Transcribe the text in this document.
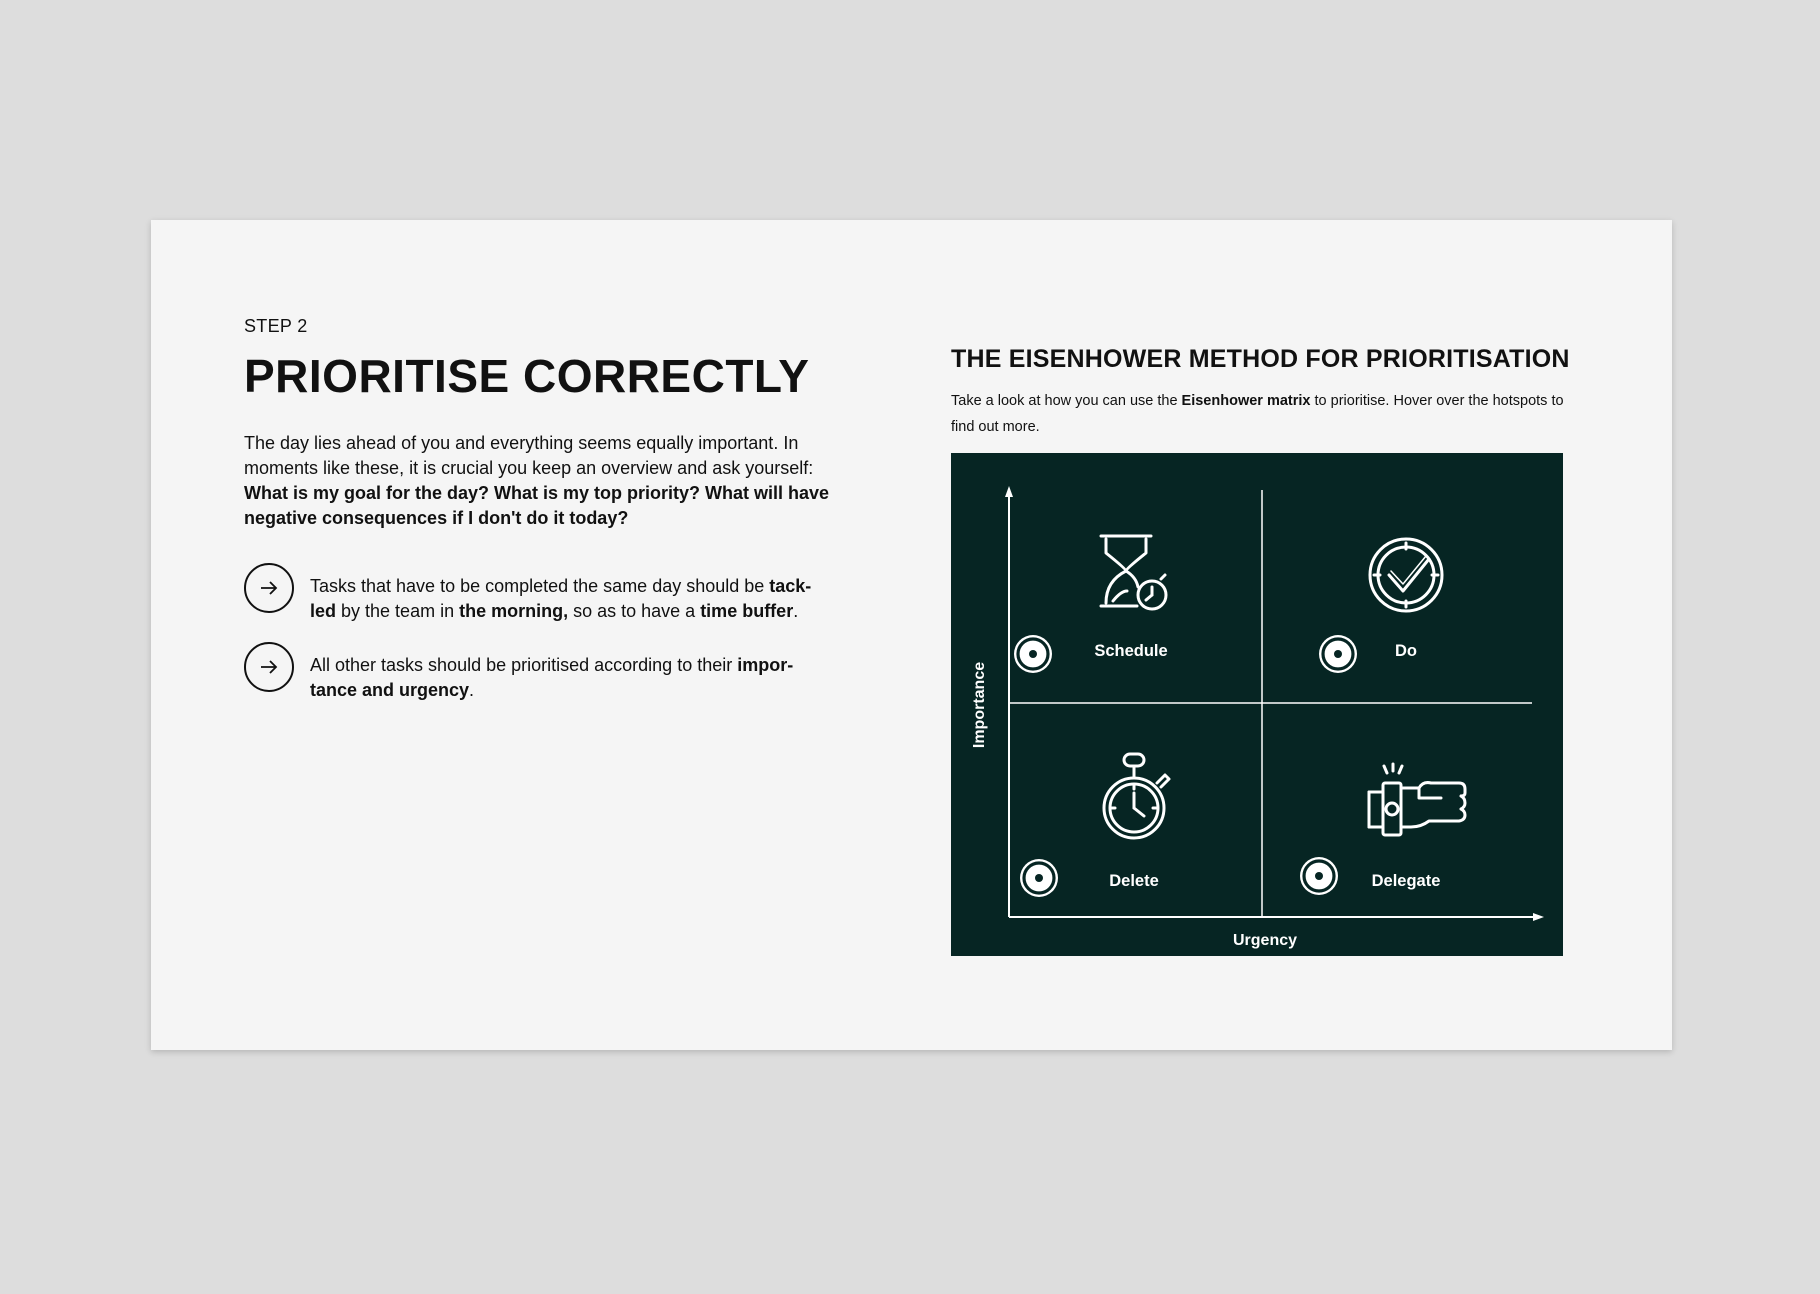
STEP 2

PRIORITISE CORRECTLY
The day lies ahead of you and everything seems equally important. In moments like these, it is crucial you keep an overview and ask yourself: What is my goal for the day? What is my top priority? What will have negative consequences if I don't do it today?
Tasks that have to be completed the same day should be tack-led by the team in the morning, so as to have a time buffer.
All other tasks should be prioritised according to their impor-tance and urgency.
THE EISENHOWER METHOD FOR PRIORITISATION
Take a look at how you can use the Eisenhower matrix to prioritise. Hover over the hotspots to find out more.
Importance
Urgency
Schedule	Do
Delete	Delegate
